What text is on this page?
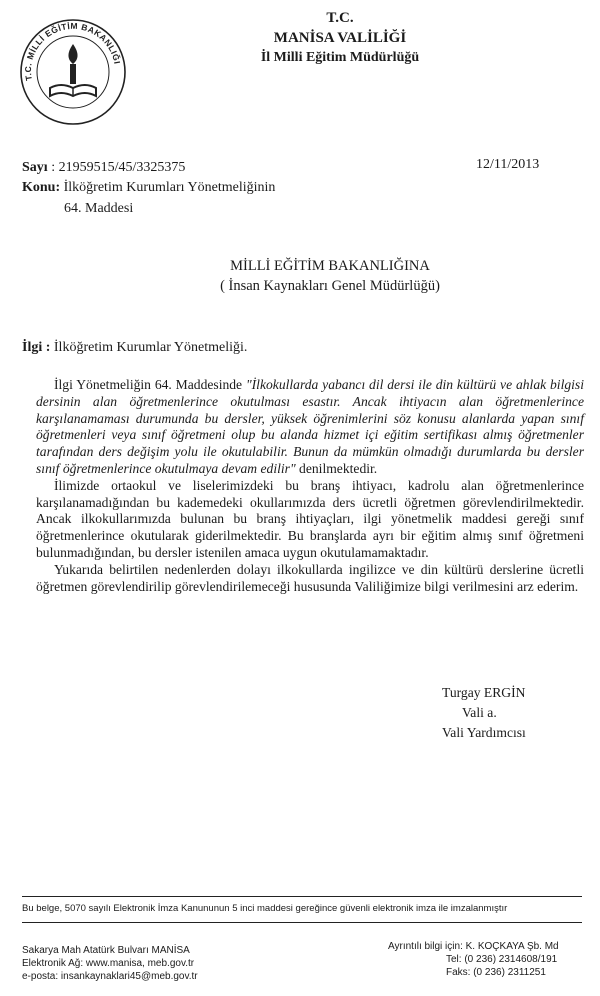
T.C. MİLLİ EĞİTİM BAKANLIĞI
T.C.
MANİSA VALİLİĞİ
İl Milli Eğitim Müdürlüğü
Sayı : 21959515/45/3325375	12/11/2013
Konu: İlköğretim Kurumları Yönetmeliğinin
64. Maddesi
MİLLİ EĞİTİM BAKANLIĞINA
( İnsan Kaynakları Genel Müdürlüğü)
İlgi : İlköğretim Kurumlar Yönetmeliği.

İlgi Yönetmeliğin 64. Maddesinde "İlkokullarda yabancı dil dersi ile din kültürü ve ahlak bilgisi dersinin alan öğretmenlerince okutulması esastır. Ancak ihtiyacın alan öğretmenlerince karşılanamaması durumunda bu dersler, yüksek öğrenimlerini söz konusu alanlarda yapan sınıf öğretmenleri veya sınıf öğretmeni olup bu alanda hizmet içi eğitim sertifikası almış öğretmenler tarafından ders değişim yolu ile okutulabilir. Bunun da mümkün olmadığı durumlarda bu dersler sınıf öğretmenlerince okutulmaya devam edilir" denilmektedir.

İlimizde ortaokul ve liselerimizdeki bu branş ihtiyacı, kadrolu alan öğretmenlerince karşılanamadığından bu kademedeki okullarımızda ders ücretli öğretmen görevlendirilmektedir. Ancak ilkokullarımızda bulunan bu branş ihtiyaçları, ilgi yönetmelik maddesi gereği sınıf öğretmenlerince okutularak giderilmektedir. Bu branşlarda ayrı bir eğitim almış sınıf öğretmeni bulunmadığından, bu dersler istenilen amaca uygun okutulamamaktadır.

Yukarıda belirtilen nedenlerden dolayı ilkokullarda ingilizce ve din kültürü derslerine ücretli öğretmen görevlendirilip görevlendirilemeceği hususunda Valiliğimize bilgi verilmesini arz ederim.

Turgay ERGİN
Vali a.
Vali Yardımcısı
Bu belge, 5070 sayılı Elektronik İmza Kanununun 5 inci maddesi gereğince güvenli elektronik imza ile imzalanmıştır
Sakarya Mah Atatürk Bulvarı MANİSA
Elektronik Ağ: www.manisa, meb.gov.tr
e-posta: insankaynaklari45@meb.gov.tr
Ayrıntılı bilgi için: K. KOÇKAYA Şb. Md
Tel: (0 236) 2314608/191
Faks: (0 236) 2311251
